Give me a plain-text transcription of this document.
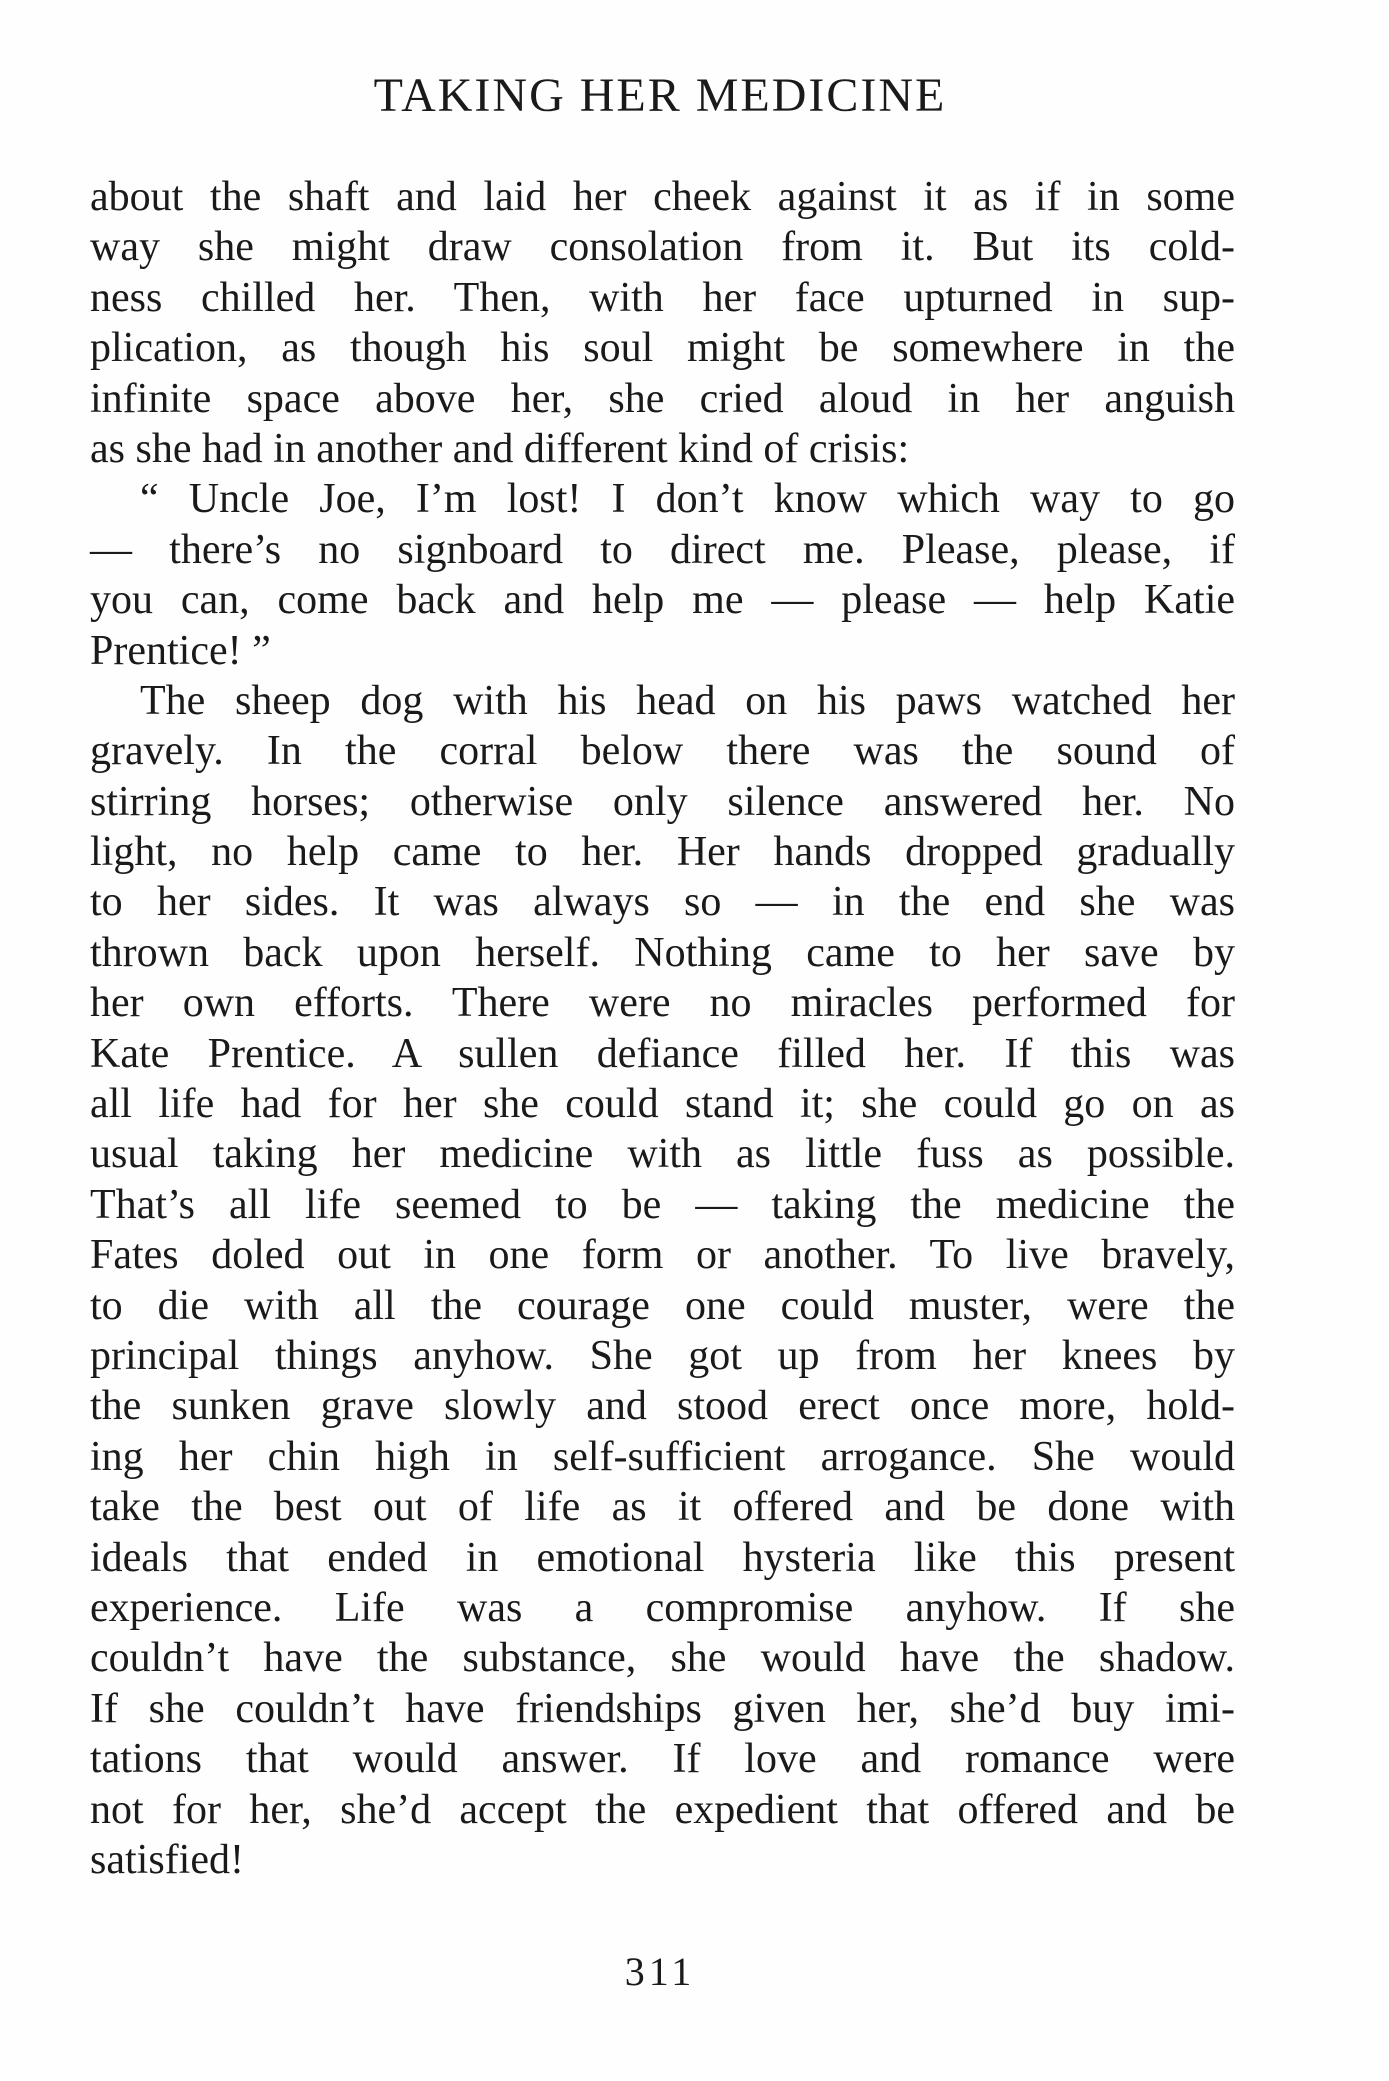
TAKING HER MEDICINE
about the shaft and laid her cheek against it as if in some
way she might draw consolation from it. But its cold-
ness chilled her. Then, with her face upturned in sup-
plication, as though his soul might be somewhere in the
infinite space above her, she cried aloud in her anguish
as she had in another and different kind of crisis:
“ Uncle Joe, I’m lost! I don’t know which way to go
— there’s no signboard to direct me. Please, please, if
you can, come back and help me — please — help Katie
Prentice! ”
The sheep dog with his head on his paws watched her
gravely. In the corral below there was the sound of
stirring horses; otherwise only silence answered her. No
light, no help came to her. Her hands dropped gradually
to her sides. It was always so — in the end she was
thrown back upon herself. Nothing came to her save by
her own efforts. There were no miracles performed for
Kate Prentice. A sullen defiance filled her. If this was
all life had for her she could stand it; she could go on as
usual taking her medicine with as little fuss as possible.
That’s all life seemed to be — taking the medicine the
Fates doled out in one form or another. To live bravely,
to die with all the courage one could muster, were the
principal things anyhow. She got up from her knees by
the sunken grave slowly and stood erect once more, hold-
ing her chin high in self-sufficient arrogance. She would
take the best out of life as it offered and be done with
ideals that ended in emotional hysteria like this present
experience. Life was a compromise anyhow. If she
couldn’t have the substance, she would have the shadow.
If she couldn’t have friendships given her, she’d buy imi-
tations that would answer. If love and romance were
not for her, she’d accept the expedient that offered and be
satisfied!
311
